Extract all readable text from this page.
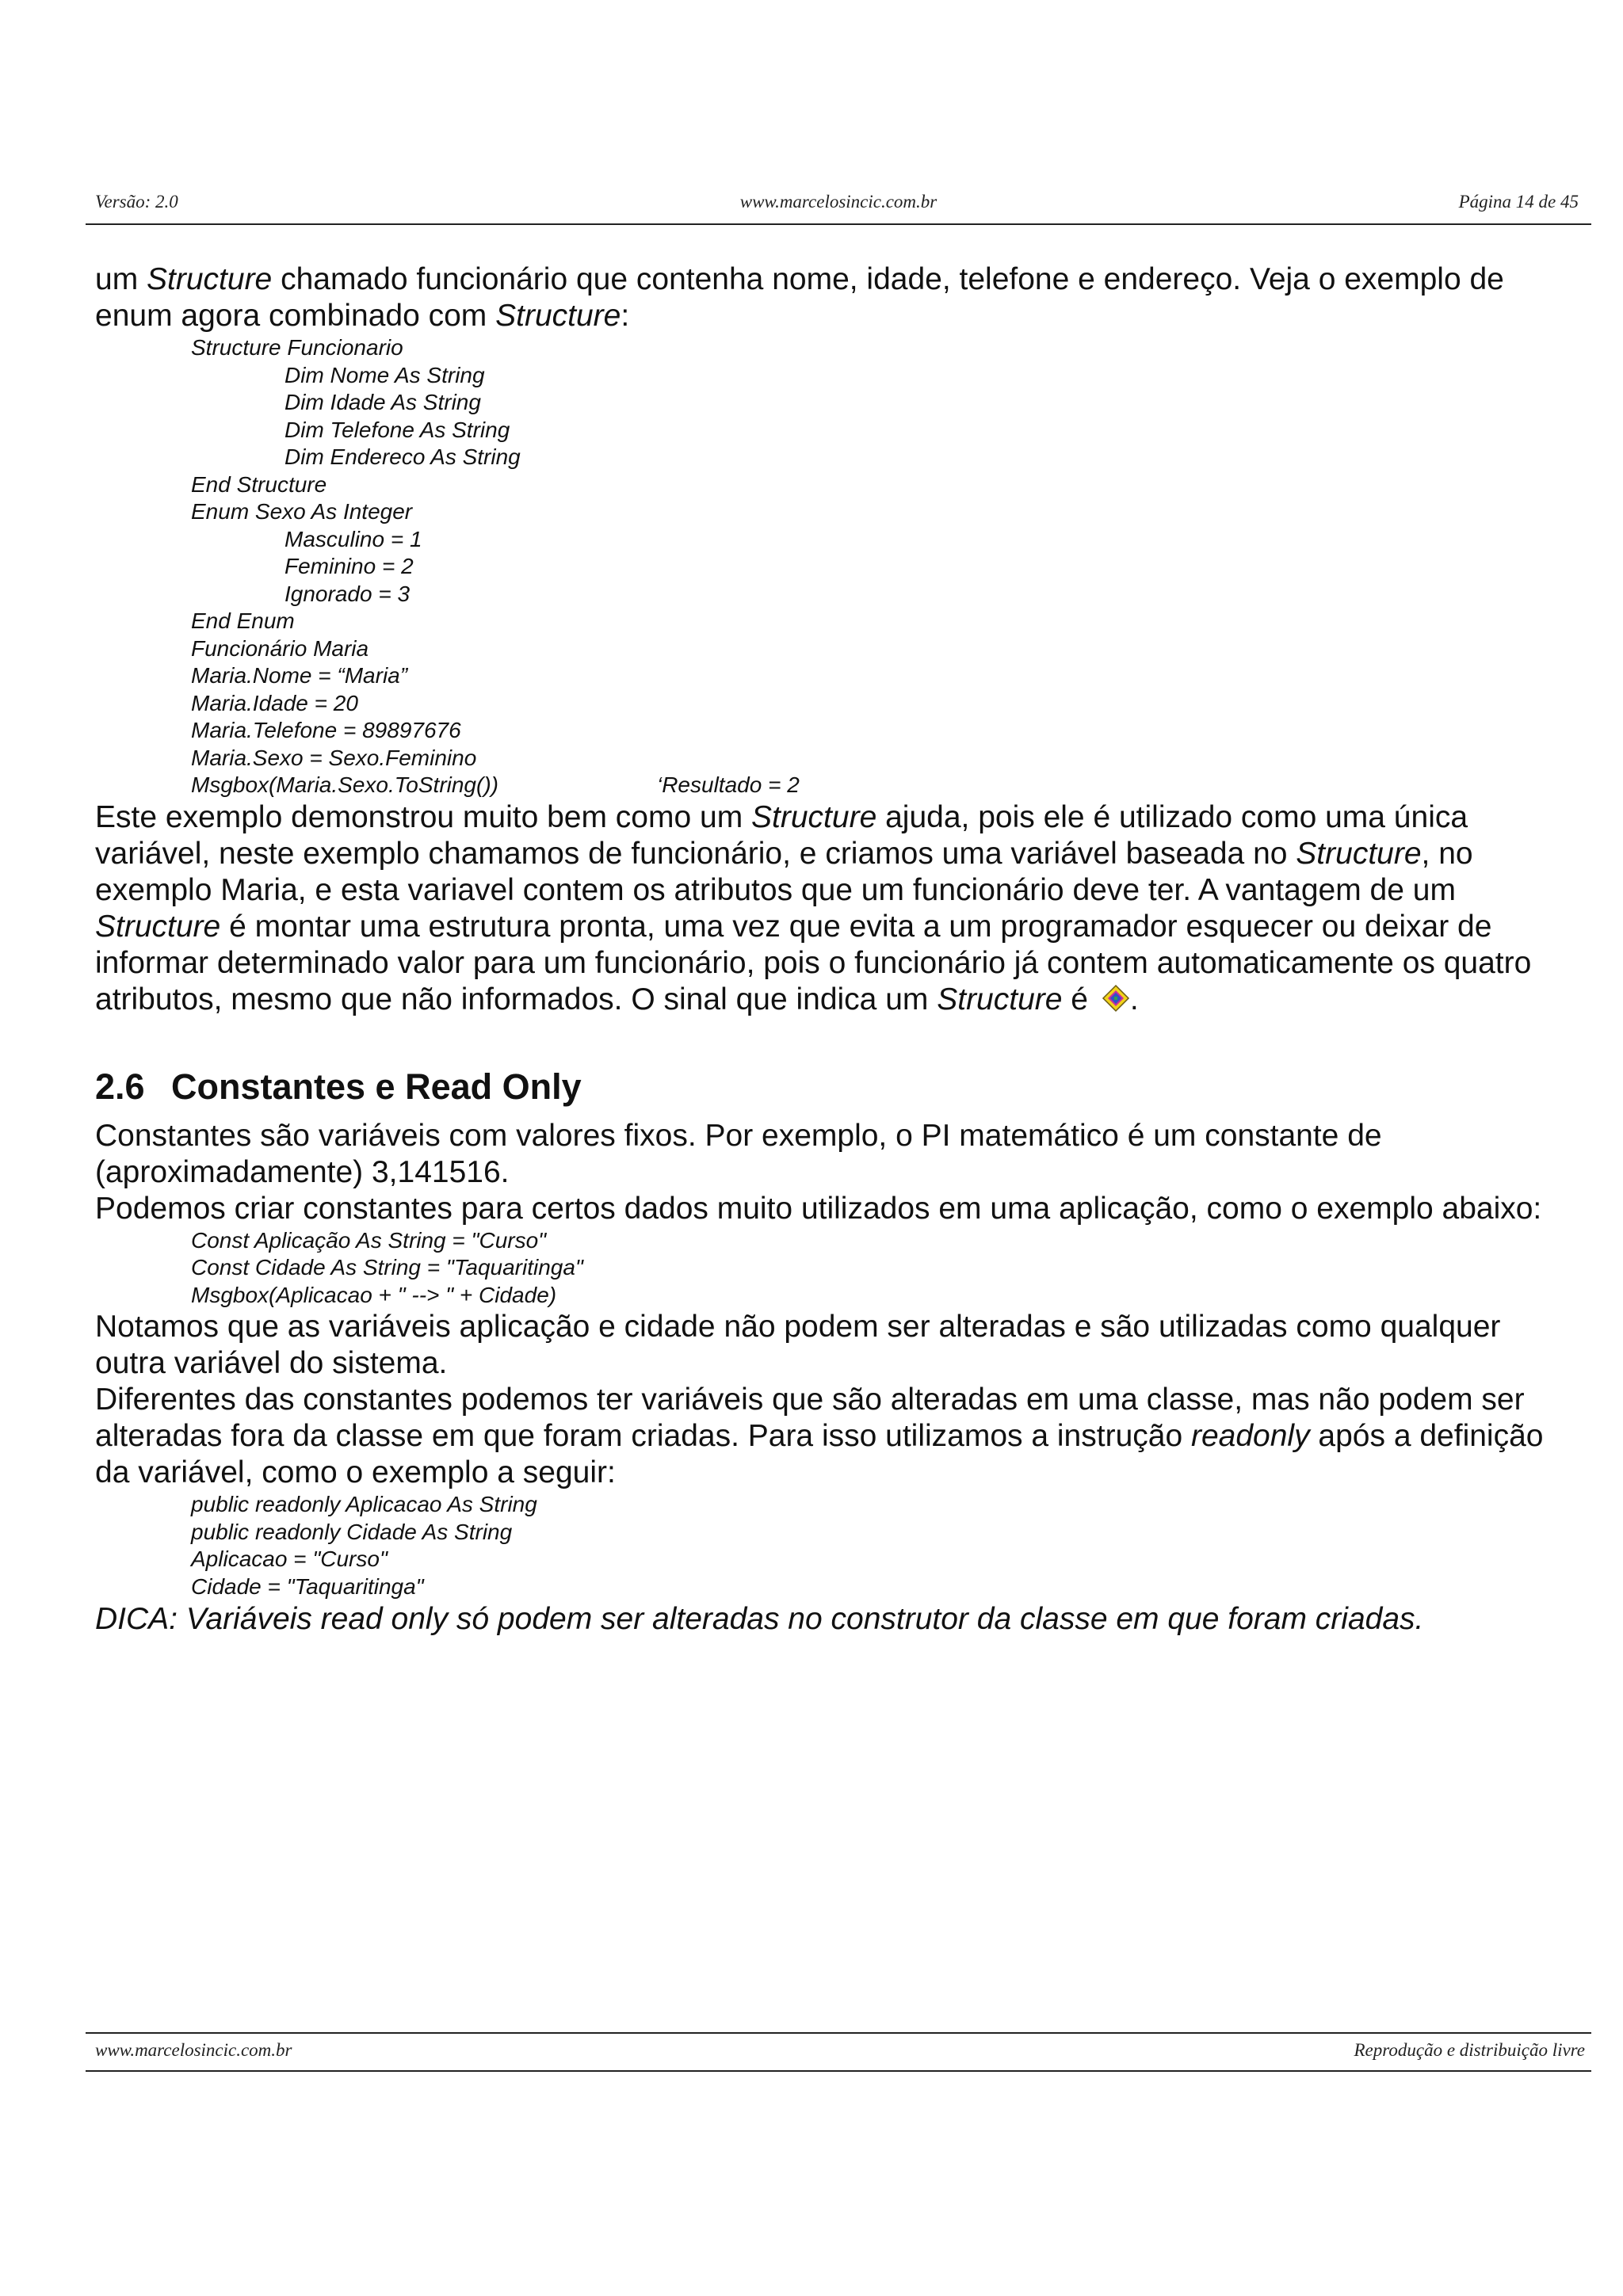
Versão: 2.0	www.marcelosincic.com.br	Página 14 de 45

um Structure chamado funcionário que contenha nome, idade, telefone e endereço. Veja o exemplo de enum agora combinado com Structure:

Structure Funcionario
Dim Nome As String
Dim Idade As String
Dim Telefone As String
Dim Endereco As String
End Structure
Enum Sexo As Integer
Masculino = 1
Feminino = 2
Ignorado = 3
End Enum
Funcionário Maria
Maria.Nome = “Maria”
Maria.Idade = 20
Maria.Telefone = 89897676
Maria.Sexo = Sexo.Feminino
Msgbox(Maria.Sexo.ToString())	‘Resultado = 2

Este exemplo demonstrou muito bem como um Structure ajuda, pois ele é utilizado como uma única variável, neste exemplo chamamos de funcionário, e criamos uma variável baseada no Structure, no exemplo Maria, e esta variavel contem os atributos que um funcionário deve ter. A vantagem de um Structure é montar uma estrutura pronta, uma vez que evita a um programador esquecer ou deixar de informar determinado valor para um funcionário, pois o funcionário já contem automaticamente os quatro atributos, mesmo que não informados. O sinal que indica um Structure é .

2.6 Constantes e Read Only

Constantes são variáveis com valores fixos. Por exemplo, o PI matemático é um constante de (aproximadamente) 3,141516.

Podemos criar constantes para certos dados muito utilizados em uma aplicação, como o exemplo abaixo:

Const Aplicação As String = "Curso"
Const Cidade As String = "Taquaritinga"
Msgbox(Aplicacao + " --> " + Cidade)

Notamos que as variáveis aplicação e cidade não podem ser alteradas e são utilizadas como qualquer outra variável do sistema.

Diferentes das constantes podemos ter variáveis que são alteradas em uma classe, mas não podem ser alteradas fora da classe em que foram criadas. Para isso utilizamos a instrução readonly após a definição da variável, como o exemplo a seguir:

public readonly Aplicacao As String
public readonly Cidade As String
Aplicacao = "Curso"
Cidade = "Taquaritinga"

DICA: Variáveis read only só podem ser alteradas no construtor da classe em que foram criadas.

www.marcelosincic.com.br	Reprodução e distribuição livre
